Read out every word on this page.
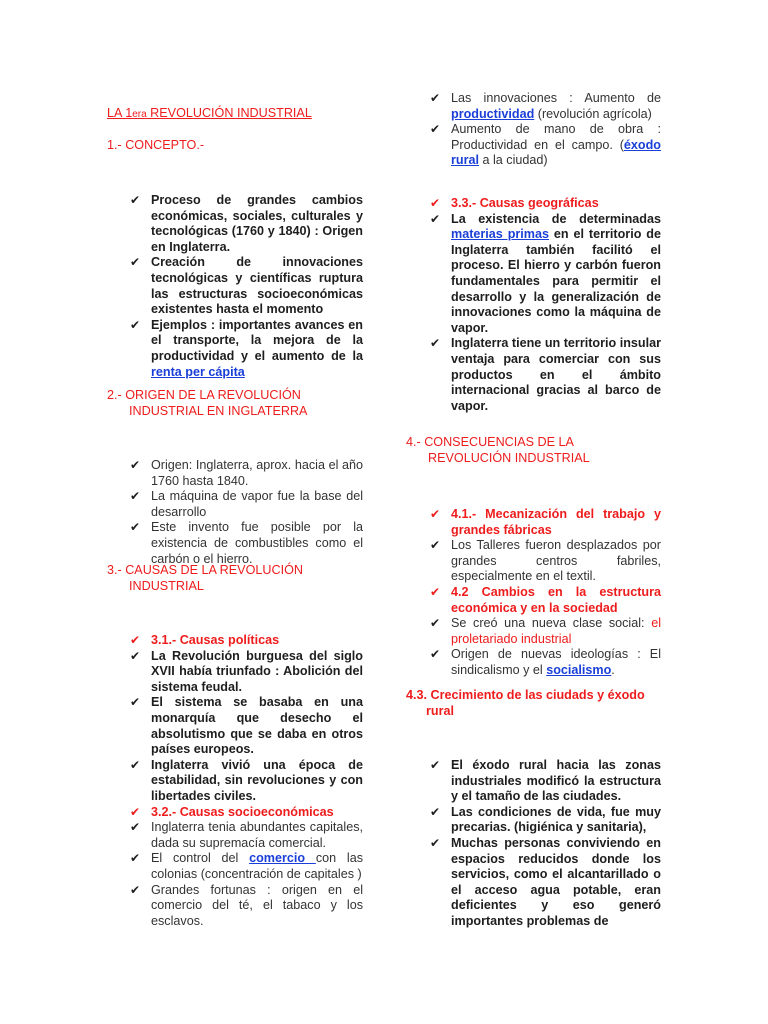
LA 1era REVOLUCIÓN INDUSTRIAL
1.- CONCEPTO.-
✔ Proceso de grandes cambios económicas, sociales, culturales y tecnológicas (1760 y 1840) : Origen en Inglaterra.
✔ Creación de innovaciones tecnológicas y científicas ruptura las estructuras socioeconómicas existentes hasta el momento
✔ Ejemplos : importantes avances en el transporte, la mejora de la productividad y el aumento de la renta per cápita
2.- ORIGEN DE LA REVOLUCIÓN
INDUSTRIAL EN INGLATERRA
✔ Origen: Inglaterra, aprox. hacia el año 1760 hasta 1840.
✔ La máquina de vapor fue la base del desarrollo
✔ Este invento fue posible por la existencia de combustibles como el carbón o el hierro.
3.- CAUSAS DE LA REVOLUCIÓN
INDUSTRIAL
✔ 3.1.- Causas políticas
✔ La Revolución burguesa del siglo XVII había triunfado : Abolición del sistema feudal.
✔ El sistema se basaba en una monarquía que desecho el absolutismo que se daba en otros países europeos.
✔ Inglaterra vivió una época de estabilidad, sin revoluciones y con libertades civiles.
✔ 3.2.- Causas socioeconómicas
✔ Inglaterra tenia abundantes capitales, dada su supremacía comercial.
✔ El control del comercio con las colonias (concentración de capitales )
✔ Grandes fortunas : origen en el comercio del té, el tabaco y los esclavos.
✔ Las innovaciones : Aumento de productividad (revolución agrícola)
✔ Aumento de mano de obra : Productividad en el campo. (éxodo rural a la ciudad)
✔ 3.3.- Causas geográficas
✔ La existencia de determinadas materias primas en el territorio de Inglaterra también facilitó el proceso. El hierro y carbón fueron fundamentales para permitir el desarrollo y la generalización de innovaciones como la máquina de vapor.
✔ Inglaterra tiene un territorio insular ventaja para comerciar con sus productos en el ámbito internacional gracias al barco de vapor.
4.- CONSECUENCIAS DE LA
REVOLUCIÓN INDUSTRIAL
✔ 4.1.- Mecanización del trabajo y grandes fábricas
✔ Los Talleres fueron desplazados por grandes centros fabriles, especialmente en el textil.
✔ 4.2 Cambios en la estructura económica y en la sociedad
✔ Se creó una nueva clase social: el proletariado industrial
✔ Origen de nuevas ideologías : El sindicalismo y el socialismo.
4.3. Crecimiento de las ciudads y éxodo
rural
✔ El éxodo rural hacia las zonas industriales modificó la estructura y el tamaño de las ciudades.
✔ Las condiciones de vida, fue muy precarias. (higiénica y sanitaria),
✔ Muchas personas conviviendo en espacios reducidos donde los servicios, como el alcantarillado o el acceso agua potable, eran deficientes y eso generó importantes problemas de
